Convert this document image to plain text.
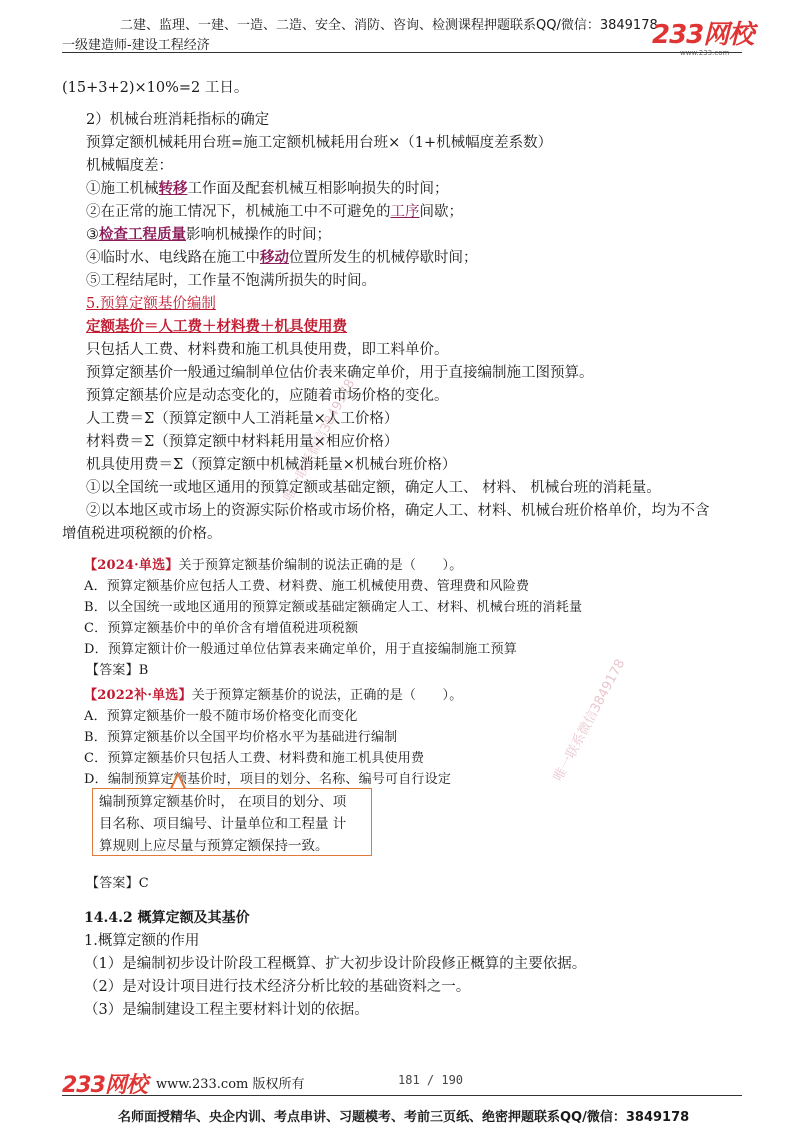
二建、监理、一建、一造、二造、安全、消防、咨询、检测课程押题联系QQ/微信：3849178
一级建造师-建设工程经济	233网校
www.233.com
唯一联系微信3849178
唯一联系微信3849178
(15+3+2)×10%=2 工日。
2）机械台班消耗指标的确定
预算定额机械耗用台班=施工定额机械耗用台班×（1+机械幅度差系数）
机械幅度差：
①施工机械转移工作面及配套机械互相影响损失的时间；
②在正常的施工情况下，机械施工中不可避免的工序间歇；
③检查工程质量影响机械操作的时间；
④临时水、电线路在施工中移动位置所发生的机械停歇时间；
⑤工程结尾时，工作量不饱满所损失的时间。
5.预算定额基价编制
定额基价＝人工费＋材料费＋机具使用费
只包括人工费、材料费和施工机具使用费，即工料单价。
预算定额基价一般通过编制单位估价表来确定单价，用于直接编制施工图预算。
预算定额基价应是动态变化的，应随着市场价格的变化。
人工费＝Σ（预算定额中人工消耗量×人工价格）
材料费＝Σ（预算定额中材料耗用量×相应价格）
机具使用费＝Σ（预算定额中机械消耗量×机械台班价格）
①以全国统一或地区通用的预算定额或基础定额，确定人工、 材料、 机械台班的消耗量。
②以本地区或市场上的资源实际价格或市场价格，确定人工、材料、机械台班价格单价，均为不含
增值税进项税额的价格。
【2024·单选】关于预算定额基价编制的说法正确的是（　　）。
A．预算定额基价应包括人工费、材料费、施工机械使用费、管理费和风险费
B．以全国统一或地区通用的预算定额或基础定额确定人工、材料、机械台班的消耗量
C．预算定额基价中的单价含有增值税进项税额
D．预算定额计价一般通过单位估算表来确定单价，用于直接编制施工预算
【答案】B
【2022补·单选】关于预算定额基价的说法，正确的是（　　）。
A．预算定额基价一般不随市场价格变化而变化
B．预算定额基价以全国平均价格水平为基础进行编制
C．预算定额基价只包括人工费、材料费和施工机具使用费
D．编制预算定额基价时，项目的划分、名称、编号可自行设定
【答案】C
14.4.2 概算定额及其基价
1.概算定额的作用
（1）是编制初步设计阶段工程概算、扩大初步设计阶段修正概算的主要依据。
（2）是对设计项目进行技术经济分析比较的基础资料之一。
（3）是编制建设工程主要材料计划的依据。
编制预算定额基价时， 在项目的划分、项
目名称、项目编号、计量单位和工程量 计
算规则上应尽量与预算定额保持一致。
233网校 www.233.com 版权所有	181 / 190
名师面授精华、央企内训、考点串讲、习题模考、考前三页纸、绝密押题联系QQ/微信：3849178
